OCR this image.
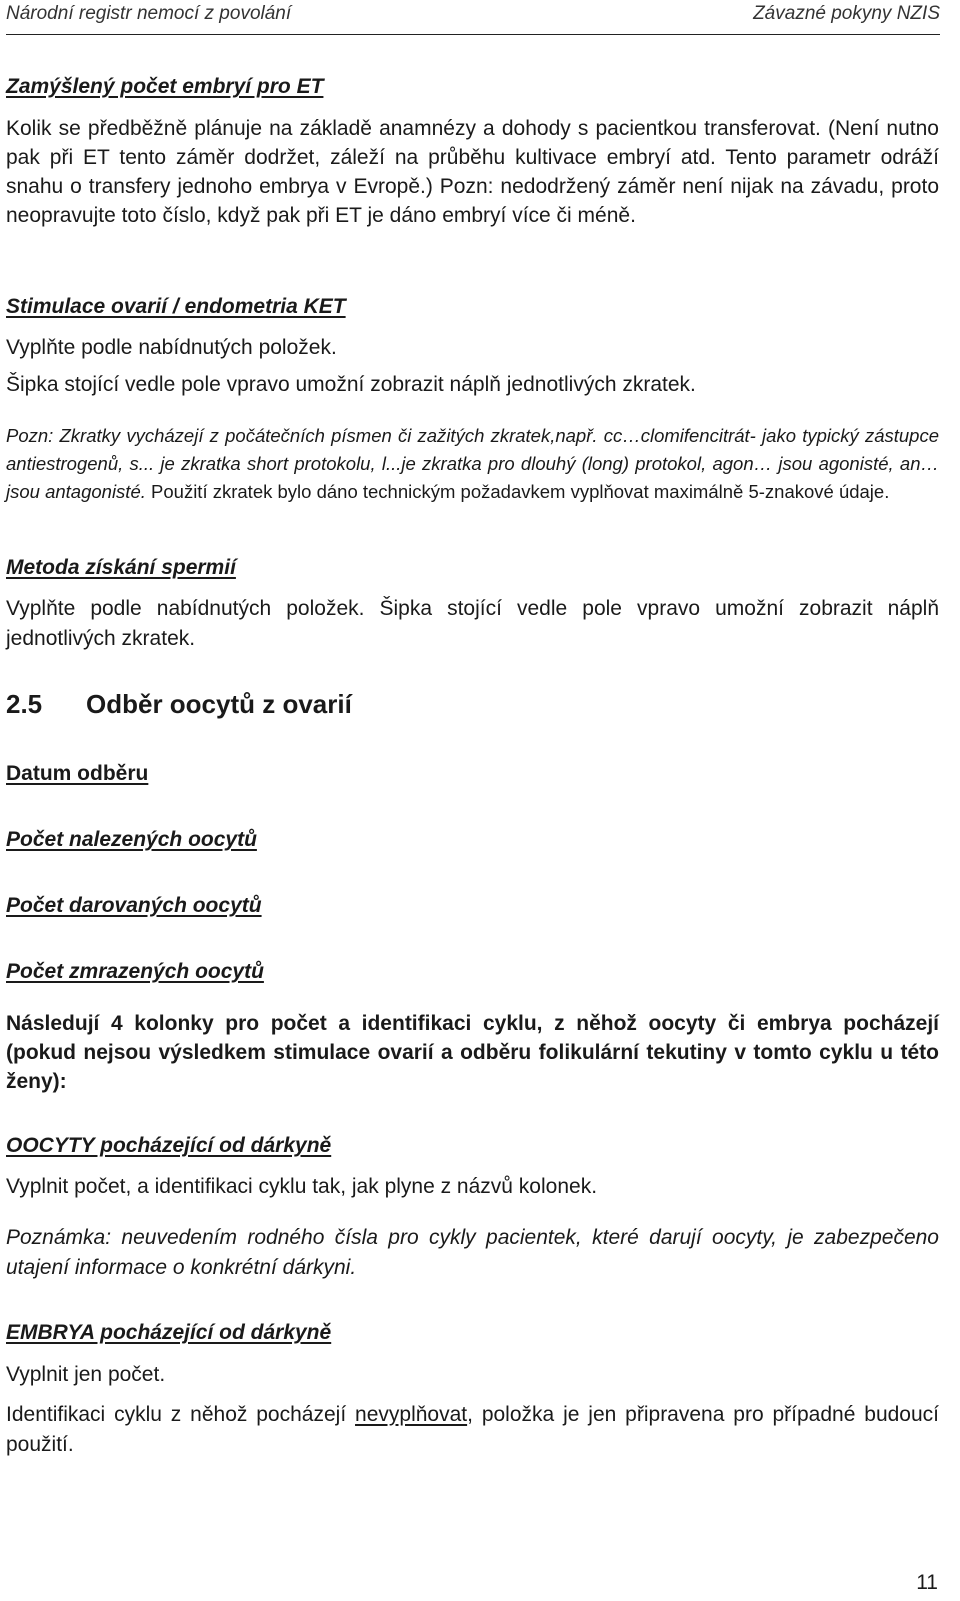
Národní registr nemocí z povolání	Závazné pokyny NZIS
Zamýšlený počet embryí pro ET

Kolik se předběžně plánuje na základě anamnézy a dohody s pacientkou transferovat. (Není nutno pak při ET tento záměr dodržet, záleží na průběhu kultivace embryí atd. Tento parametr odráží snahu o transfery jednoho embrya v Evropě.) Pozn: nedodržený záměr není nijak na závadu, proto neopravujte toto číslo, když pak při ET je dáno embryí více či méně.

Stimulace ovarií / endometria KET

Vyplňte podle nabídnutých položek.

Šipka stojící vedle pole vpravo umožní zobrazit náplň jednotlivých zkratek.

Pozn: Zkratky vycházejí z počátečních písmen či zažitých zkratek,např. cc…clomifencitrát- jako typický zástupce antiestrogenů, s... je zkratka short protokolu, l...je zkratka pro dlouhý (long) protokol, agon… jsou agonisté, an…jsou antagonisté. Použití zkratek bylo dáno technickým požadavkem vyplňovat maximálně 5-znakové údaje.

Metoda získání spermií

Vyplňte podle nabídnutých položek. Šipka stojící vedle pole vpravo umožní zobrazit náplň jednotlivých zkratek.

2.5 Odběr oocytů z ovarií
Datum odběru
Počet nalezených oocytů
Počet darovaných oocytů
Počet zmrazených oocytů

Následují 4 kolonky pro počet a identifikaci cyklu, z něhož oocyty či embrya pocházejí (pokud nejsou výsledkem stimulace ovarií a odběru folikulární tekutiny v tomto cyklu u této ženy):

OOCYTY pocházející od dárkyně

Vyplnit počet, a identifikaci cyklu tak, jak plyne z názvů kolonek.

Poznámka: neuvedením rodného čísla pro cykly pacientek, které darují oocyty, je zabezpečeno utajení informace o konkrétní dárkyni.

EMBRYA pocházející od dárkyně

Vyplnit jen počet.

Identifikaci cyklu z něhož pocházejí nevyplňovat, položka je jen připravena pro případné budoucí použití.

11
